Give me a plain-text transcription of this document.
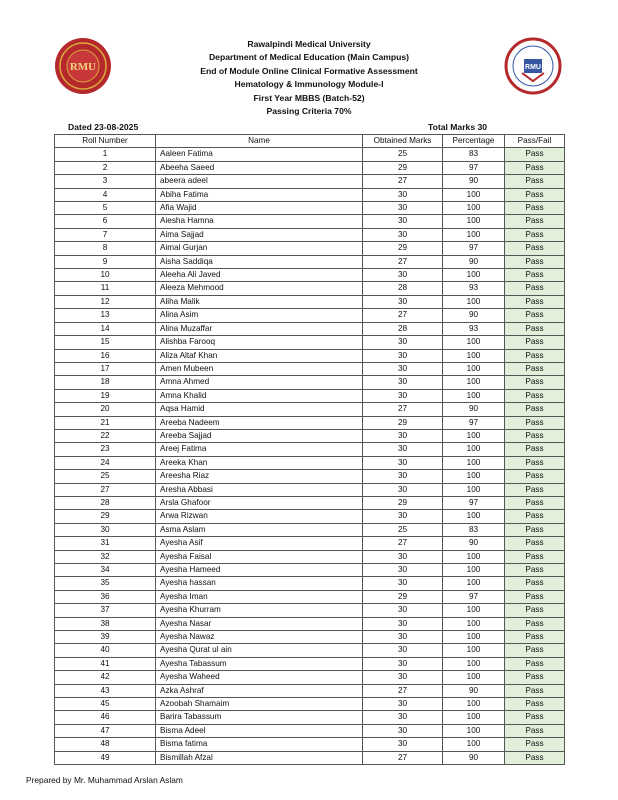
RMU	RMU
Rawalpindi Medical University
Department of Medical Education (Main Campus)
End of Module Online Clinical Formative Assessment
Hematology & Immunology Module-I
First Year MBBS (Batch-52)
Passing Criteria 70%
Dated 23-08-2025	Total Marks 30
Roll Number	Name	Obtained Marks	Percentage	Pass/Fail
1	Aaleen Fatima	25	83	Pass
2	Abeeha Saeed	29	97	Pass
3	abeera adeel	27	90	Pass
4	Abiha Fatima	30	100	Pass
5	Afia Wajid	30	100	Pass
6	Aiesha Hamna	30	100	Pass
7	Aima Sajjad	30	100	Pass
8	Aimal Gurjan	29	97	Pass
9	Aisha Saddiqa	27	90	Pass
10	Aleeha Ali Javed	30	100	Pass
11	Aleeza Mehmood	28	93	Pass
12	Aliha Malik	30	100	Pass
13	Alina Asim	27	90	Pass
14	Alina Muzaffar	28	93	Pass
15	Alishba Farooq	30	100	Pass
16	Aliza Altaf Khan	30	100	Pass
17	Amen Mubeen	30	100	Pass
18	Amna Ahmed	30	100	Pass
19	Amna Khalid	30	100	Pass
20	Aqsa Hamid	27	90	Pass
21	Areeba Nadeem	29	97	Pass
22	Areeba Sajjad	30	100	Pass
23	Areej Fatima	30	100	Pass
24	Areeka Khan	30	100	Pass
25	Areesha Riaz	30	100	Pass
27	Aresha Abbasi	30	100	Pass
28	Arsla Ghafoor	29	97	Pass
29	Arwa Rizwan	30	100	Pass
30	Asma Aslam	25	83	Pass
31	Ayesha Asif	27	90	Pass
32	Ayesha Faisal	30	100	Pass
34	Ayesha Hameed	30	100	Pass
35	Ayesha hassan	30	100	Pass
36	Ayesha Iman	29	97	Pass
37	Ayesha Khurram	30	100	Pass
38	Ayesha Nasar	30	100	Pass
39	Ayesha Nawaz	30	100	Pass
40	Ayesha Qurat ul ain	30	100	Pass
41	Ayesha Tabassum	30	100	Pass
42	Ayesha Waheed	30	100	Pass
43	Azka Ashraf	27	90	Pass
45	Azoobah Shamaim	30	100	Pass
46	Barira Tabassum	30	100	Pass
47	Bisma Adeel	30	100	Pass
48	Bisma fatima	30	100	Pass
49	Bismillah Afzal	27	90	Pass
Prepared by Mr. Muhammad Arslan Aslam
